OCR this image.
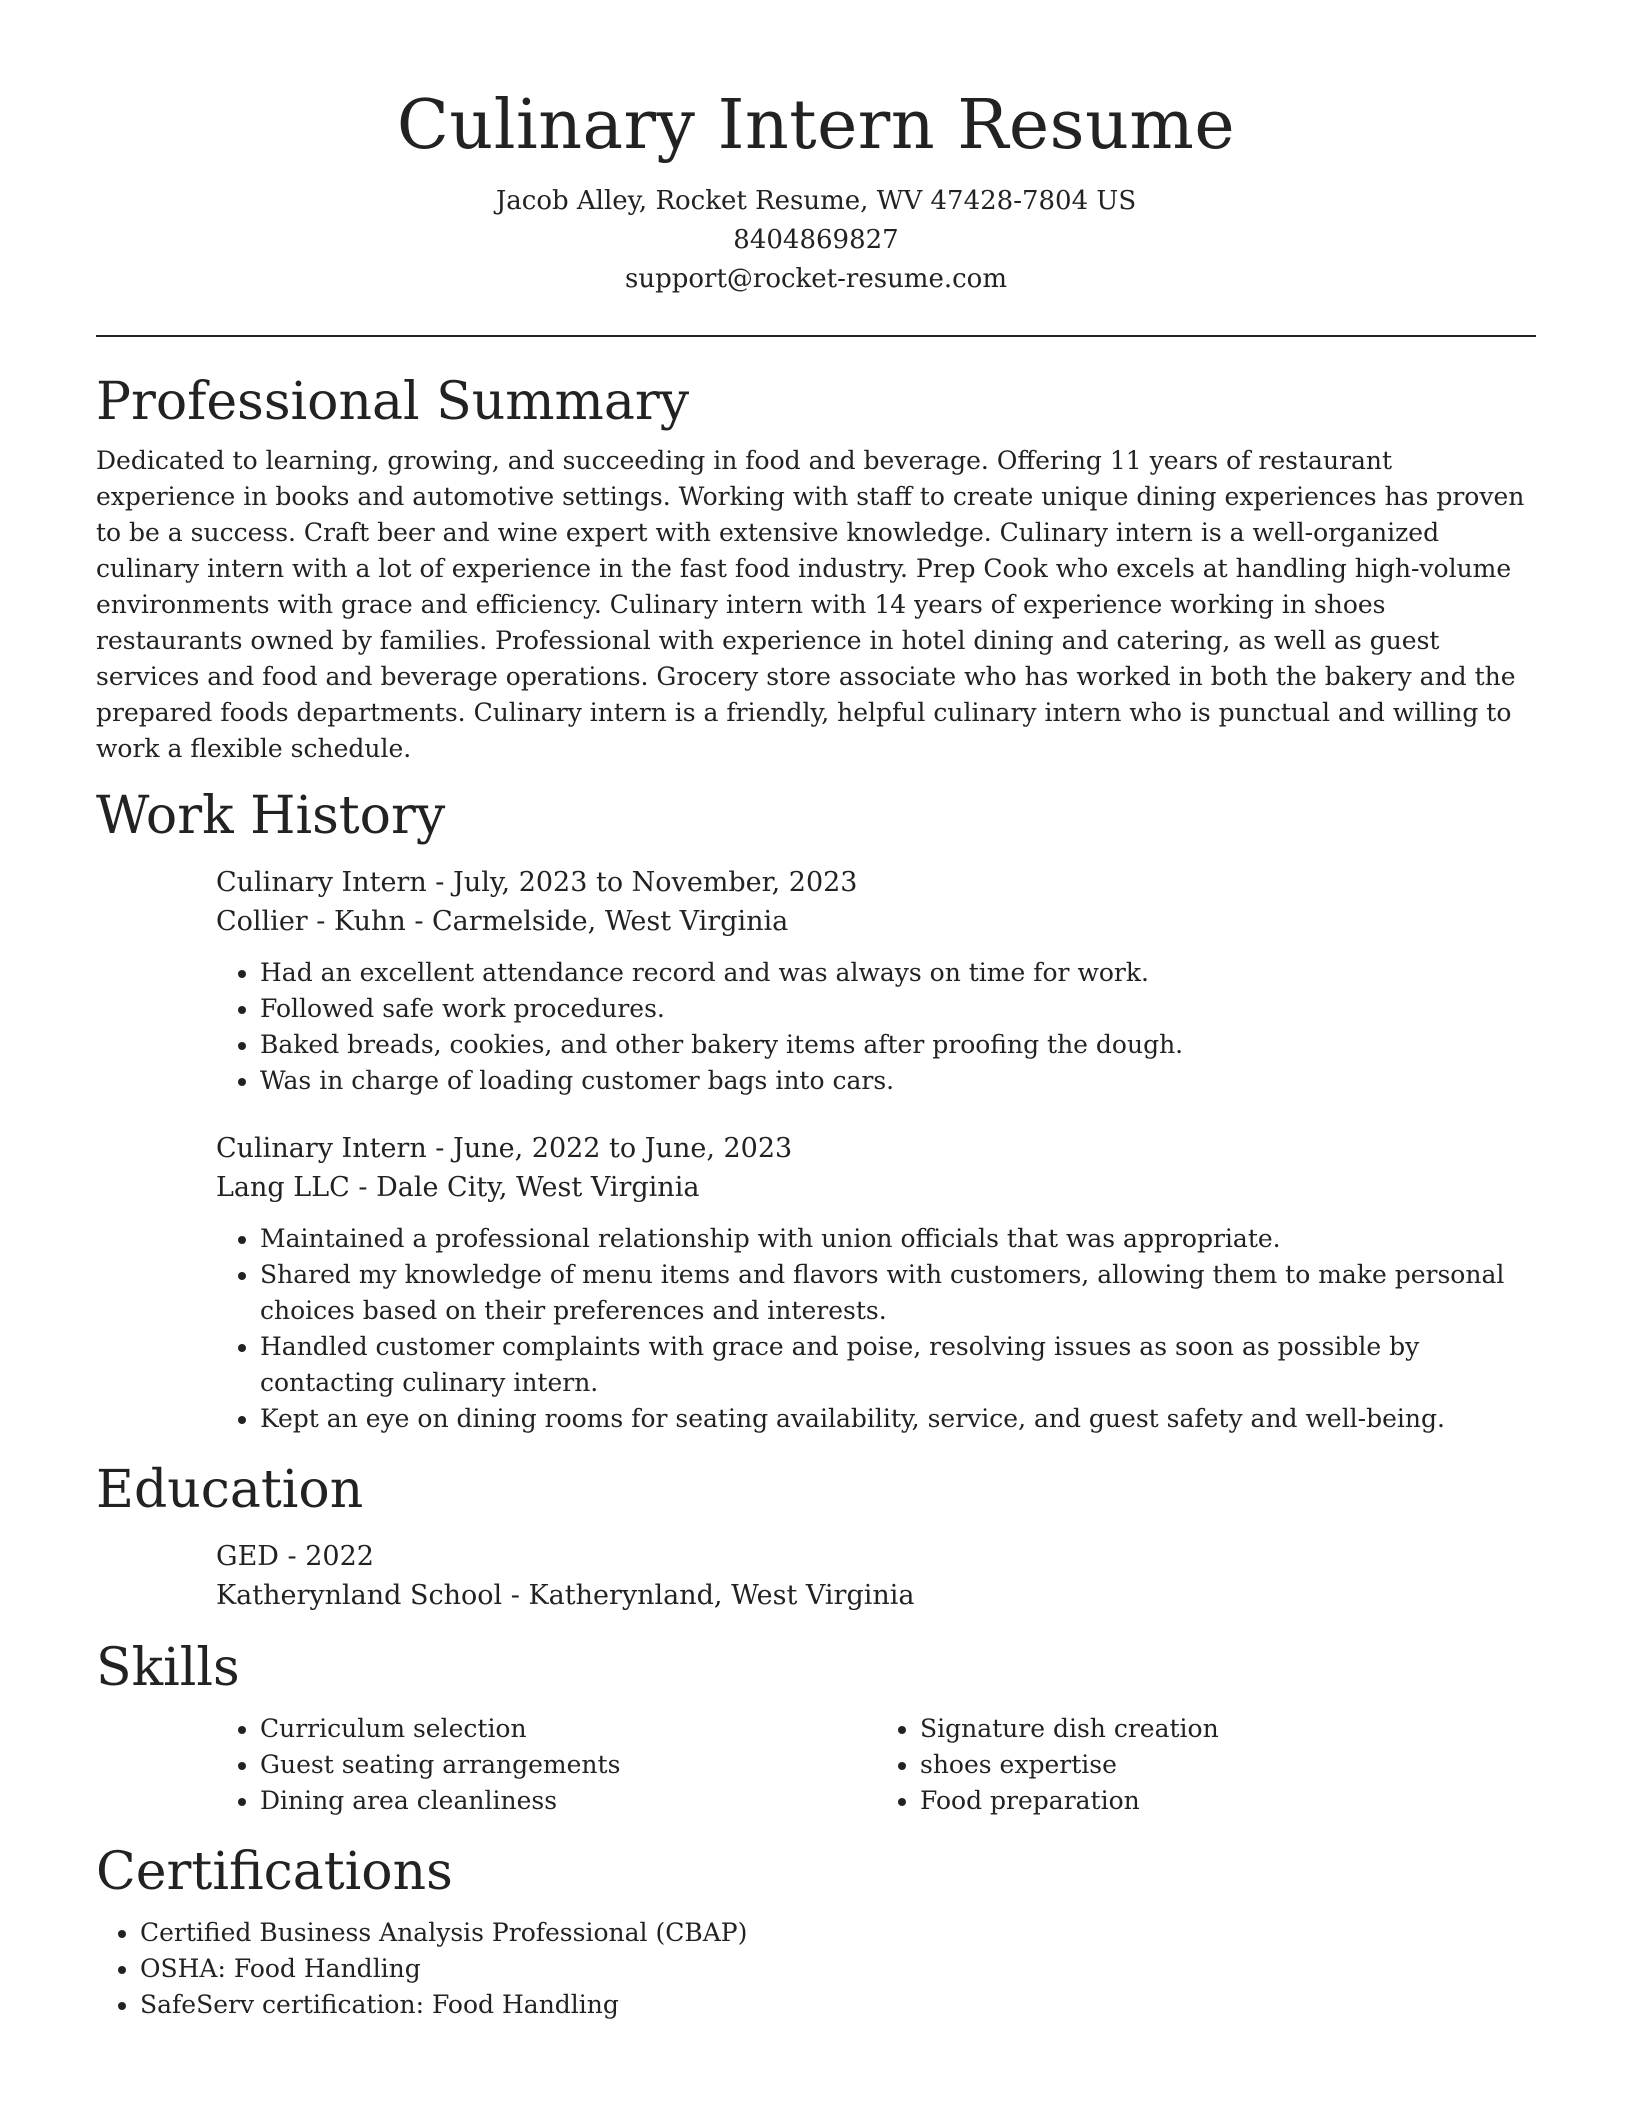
Culinary Intern Resume
Jacob Alley, Rocket Resume, WV 47428-7804 US
8404869827
support@rocket-resume.com
Professional Summary

Dedicated to learning, growing, and succeeding in food and beverage. Offering 11 years of restaurant experience in books and automotive settings. Working with staff to create unique dining experiences has proven to be a success. Craft beer and wine expert with extensive knowledge. Culinary intern is a well-organized culinary intern with a lot of experience in the fast food industry. Prep Cook who excels at handling high-volume environments with grace and efficiency. Culinary intern with 14 years of experience working in shoes restaurants owned by families. Professional with experience in hotel dining and catering, as well as guest services and food and beverage operations. Grocery store associate who has worked in both the bakery and the prepared foods departments. Culinary intern is a friendly, helpful culinary intern who is punctual and willing to work a flexible schedule.

Work History
Culinary Intern - July, 2023 to November, 2023
Collier - Kuhn - Carmelside, West Virginia
• Had an excellent attendance record and was always on time for work.
• Followed safe work procedures.
• Baked breads, cookies, and other bakery items after proofing the dough.
• Was in charge of loading customer bags into cars.
Culinary Intern - June, 2022 to June, 2023
Lang LLC - Dale City, West Virginia
• Maintained a professional relationship with union officials that was appropriate.
• Shared my knowledge of menu items and flavors with customers, allowing them to make personal choices based on their preferences and interests.
• Handled customer complaints with grace and poise, resolving issues as soon as possible by contacting culinary intern.
• Kept an eye on dining rooms for seating availability, service, and guest safety and well-being.
Education
GED - 2022
Katherynland School - Katherynland, West Virginia
Skills
• Curriculum selection
• Guest seating arrangements
• Dining area cleanliness
• Signature dish creation
• shoes expertise
• Food preparation
Certifications
• Certified Business Analysis Professional (CBAP)
• OSHA: Food Handling
• SafeServ certification: Food Handling
